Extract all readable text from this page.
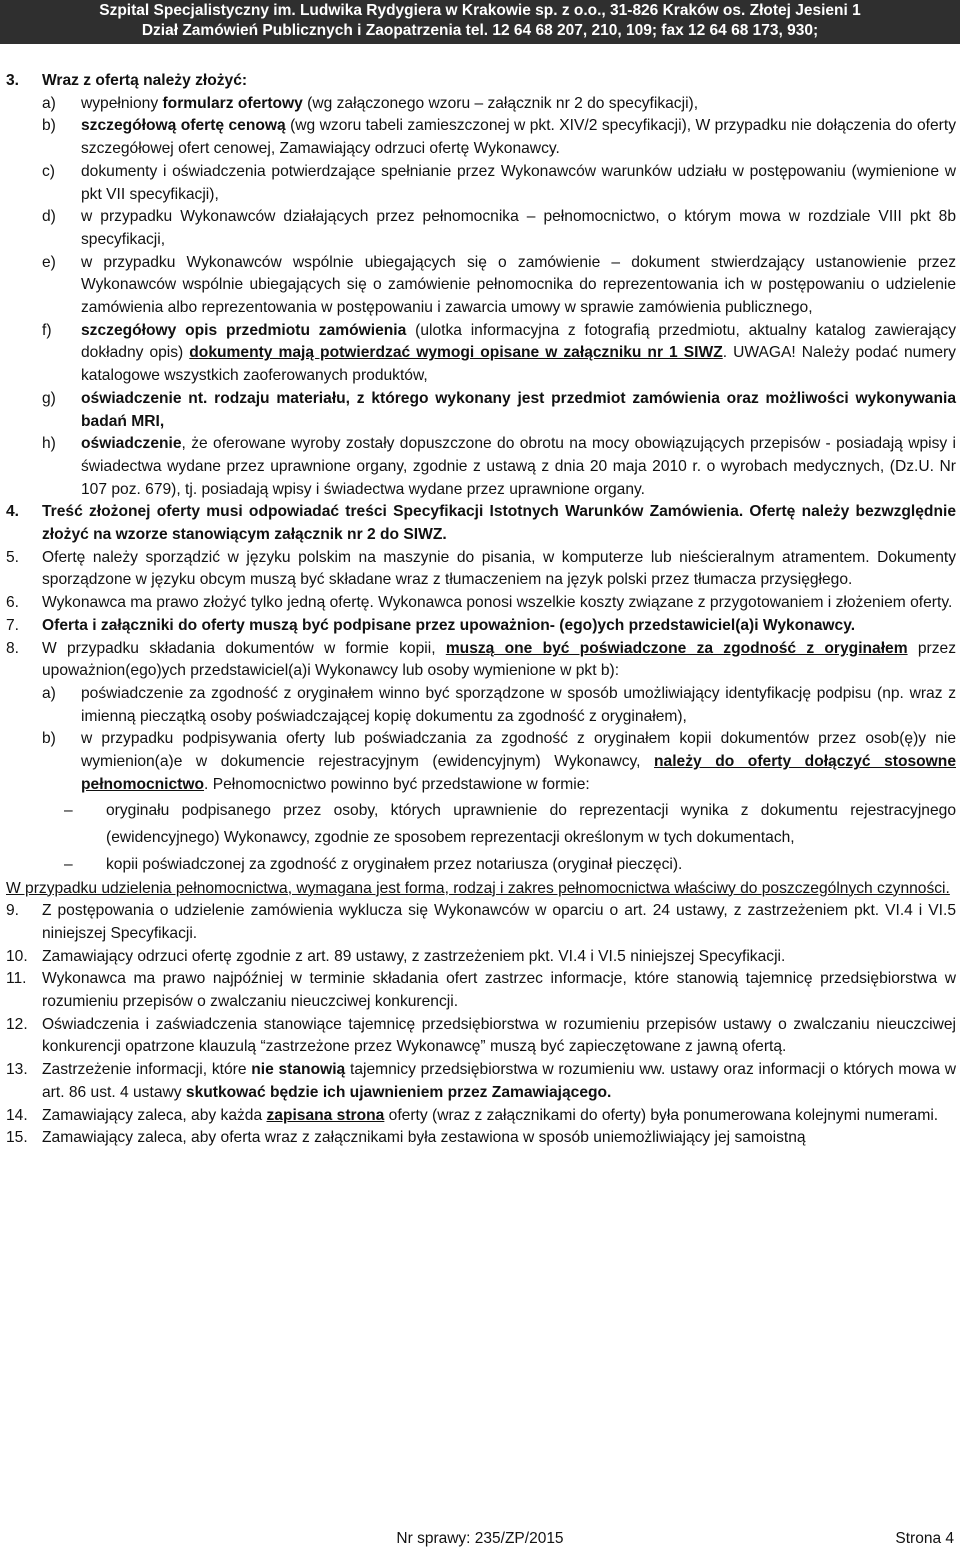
Szpital Specjalistyczny im. Ludwika Rydygiera w Krakowie sp. z o.o., 31-826 Kraków os. Złotej Jesieni 1
Dział Zamówień Publicznych i Zaopatrzenia tel. 12 64 68 207, 210, 109; fax 12 64 68 173, 930;
3. Wraz z ofertą należy złożyć:
a) wypełniony formularz ofertowy (wg załączonego wzoru – załącznik nr 2 do specyfikacji),
b) szczegółową ofertę cenową (wg wzoru tabeli zamieszczonej w pkt. XIV/2 specyfikacji), W przypadku nie dołączenia do oferty szczegółowej ofert cenowej, Zamawiający odrzuci ofertę Wykonawcy.
c) dokumenty i oświadczenia potwierdzające spełnianie przez Wykonawców warunków udziału w postępowaniu (wymienione w pkt VII specyfikacji),
d) w przypadku Wykonawców działających przez pełnomocnika – pełnomocnictwo, o którym mowa w rozdziale VIII pkt 8b specyfikacji,
e) w przypadku Wykonawców wspólnie ubiegających się o zamówienie – dokument stwierdzający ustanowienie przez Wykonawców wspólnie ubiegających się o zamówienie pełnomocnika do reprezentowania ich w postępowaniu o udzielenie zamówienia albo reprezentowania w postępowaniu i zawarcia umowy w sprawie zamówienia publicznego,
f) szczegółowy opis przedmiotu zamówienia (ulotka informacyjna z fotografią przedmiotu, aktualny katalog zawierający dokładny opis) dokumenty mają potwierdzać wymogi opisane w załączniku nr 1 SIWZ. UWAGA! Należy podać numery katalogowe wszystkich zaoferowanych produktów,
g) oświadczenie nt. rodzaju materiału, z którego wykonany jest przedmiot zamówienia oraz możliwości wykonywania badań MRI,
h) oświadczenie, że oferowane wyroby zostały dopuszczone do obrotu na mocy obowiązujących przepisów - posiadają wpisy i świadectwa wydane przez uprawnione organy, zgodnie z ustawą z dnia 20 maja 2010 r. o wyrobach medycznych, (Dz.U. Nr 107 poz. 679), tj. posiadają wpisy i świadectwa wydane przez uprawnione organy.
4. Treść złożonej oferty musi odpowiadać treści Specyfikacji Istotnych Warunków Zamówienia. Ofertę należy bezwzględnie złożyć na wzorze stanowiącym załącznik nr 2 do SIWZ.
5. Ofertę należy sporządzić w języku polskim na maszynie do pisania, w komputerze lub nieścieralnym atramentem. Dokumenty sporządzone w języku obcym muszą być składane wraz z tłumaczeniem na język polski przez tłumacza przysięgłego.
6. Wykonawca ma prawo złożyć tylko jedną ofertę. Wykonawca ponosi wszelkie koszty związane z przygotowaniem i złożeniem oferty.
7. Oferta i załączniki do oferty muszą być podpisane przez upoważnion- (ego)ych przedstawiciel(a)i Wykonawcy.
8. W przypadku składania dokumentów w formie kopii, muszą one być poświadczone za zgodność z oryginałem przez upoważnion(ego)ych przedstawiciel(a)i Wykonawcy lub osoby wymienione w pkt b):
a) poświadczenie za zgodność z oryginałem winno być sporządzone w sposób umożliwiający identyfikację podpisu (np. wraz z imienną pieczątką osoby poświadczającej kopię dokumentu za zgodność z oryginałem),
b) w przypadku podpisywania oferty lub poświadczania za zgodność z oryginałem kopii dokumentów przez osob(ę)y nie wymienion(a)e w dokumencie rejestracyjnym (ewidencyjnym) Wykonawcy, należy do oferty dołączyć stosowne pełnomocnictwo. Pełnomocnictwo powinno być przedstawione w formie:
– oryginału podpisanego przez osoby, których uprawnienie do reprezentacji wynika z dokumentu rejestracyjnego (ewidencyjnego) Wykonawcy, zgodnie ze sposobem reprezentacji określonym w tych dokumentach,
– kopii poświadczonej za zgodność z oryginałem przez notariusza (oryginał pieczęci).
W przypadku udzielenia pełnomocnictwa, wymagana jest forma, rodzaj i zakres pełnomocnictwa właściwy do poszczególnych czynności.
9. Z postępowania o udzielenie zamówienia wyklucza się Wykonawców w oparciu o art. 24 ustawy, z zastrzeżeniem pkt. VI.4 i VI.5 niniejszej Specyfikacji.
10. Zamawiający odrzuci ofertę zgodnie z art. 89 ustawy, z zastrzeżeniem pkt. VI.4 i VI.5 niniejszej Specyfikacji.
11. Wykonawca ma prawo najpóźniej w terminie składania ofert zastrzec informacje, które stanowią tajemnicę przedsiębiorstwa w rozumieniu przepisów o zwalczaniu nieuczciwej konkurencji.
12. Oświadczenia i zaświadczenia stanowiące tajemnicę przedsiębiorstwa w rozumieniu przepisów ustawy o zwalczaniu nieuczciwej konkurencji opatrzone klauzulą “zastrzeżone przez Wykonawcę” muszą być zapieczętowane z jawną ofertą.
13. Zastrzeżenie informacji, które nie stanowią tajemnicy przedsiębiorstwa w rozumieniu ww. ustawy oraz informacji o których mowa w art. 86 ust. 4 ustawy skutkować będzie ich ujawnieniem przez Zamawiającego.
14. Zamawiający zaleca, aby każda zapisana strona oferty (wraz z załącznikami do oferty) była ponumerowana kolejnymi numerami.
15. Zamawiający zaleca, aby oferta wraz z załącznikami była zestawiona w sposób uniemożliwiający jej samoistną
Nr sprawy: 235/ZP/2015	Strona 4
